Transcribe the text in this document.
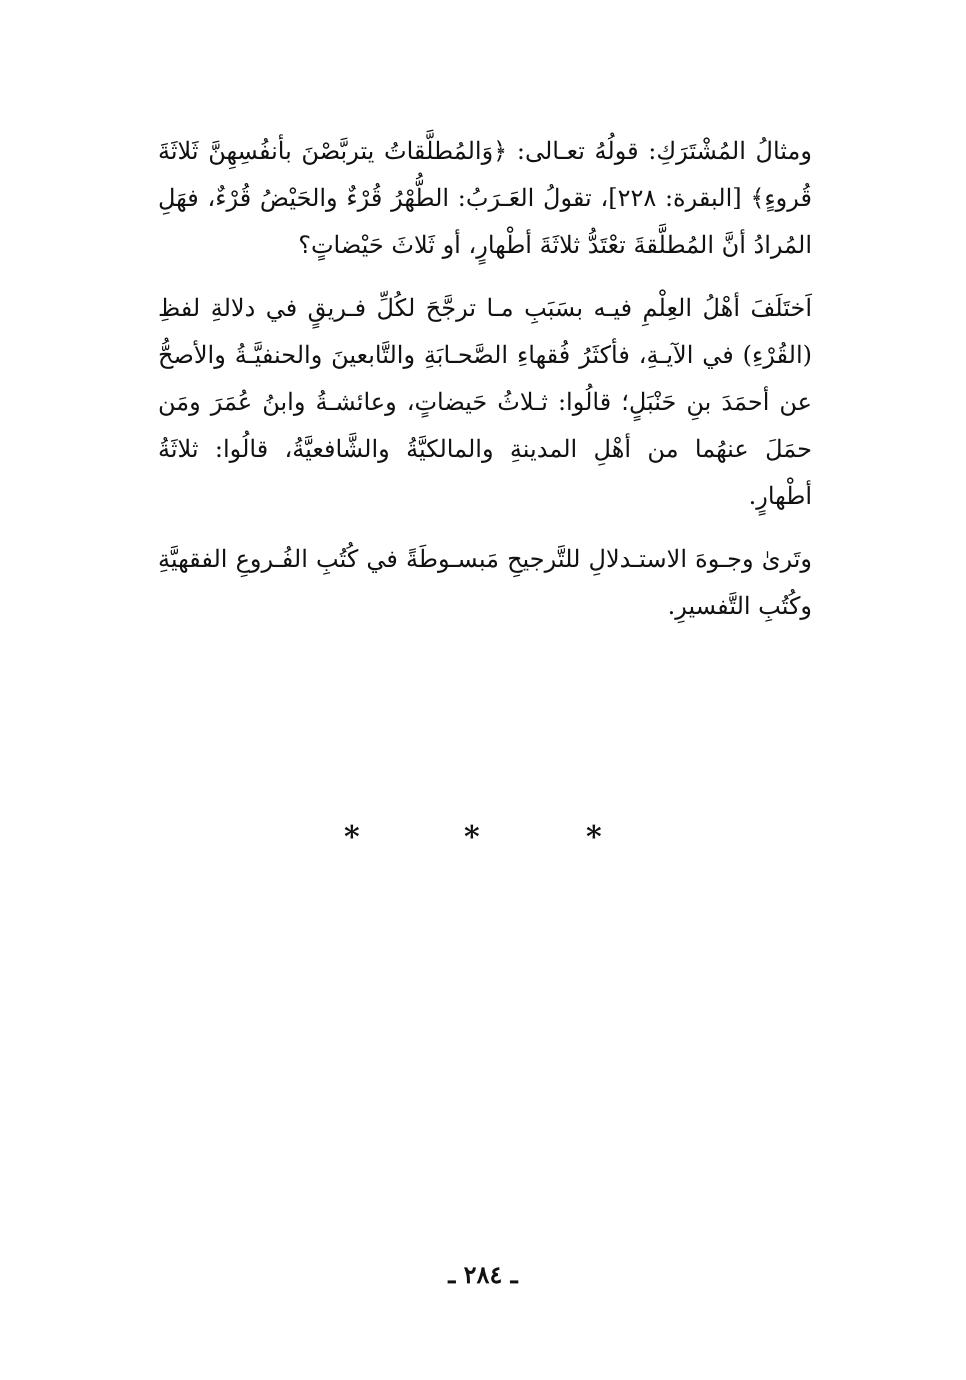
ومثالُ المُشْتَرَكِ: قولُهُ تعـالى: ﴿وَالمُطلَّقاتُ يتربَّصْنَ بأنفُسِهِنَّ ثَلاثَةَ قُروءٍ﴾ [البقرة: ٢٢٨]، تقولُ العَـرَبُ: الطُّهْرُ قُرْءٌ والحَيْضُ قُرْءٌ، فهَلِ المُرادُ أنَّ المُطلَّقةَ تعْتَدُّ ثلاثَةَ أطْهارٍ، أو ثَلاثَ حَيْضاتٍ؟

اَختَلَفَ أهْلُ العِلْمِ فيـه بسَبَبِ مـا ترجَّحَ لكُلِّ فـريقٍ في دلالةِ لفظِ (القُرْءِ) في الآيـةِ، فأكثَرُ فُقهاءِ الصَّحـابَةِ والتَّابعينَ والحنفيَّـةُ والأصحُّ عن أحمَدَ بنِ حَنْبَلٍ؛ قالُوا: ثـلاثُ حَيضاتٍ، وعائشـةُ وابنُ عُمَرَ ومَن حمَلَ عنهُما من أهْلِ المدينةِ والمالكيَّةُ والشَّافعيَّةُ، قالُوا: ثلاثَةُ أطْهارٍ.

وتَرىٰ وجـوهَ الاستـدلالِ للتَّرجيحِ مَبسـوطَةً في كُتُبِ الفُـروعِ الفقهيَّةِ وكُتُبِ التَّفسيرِ.

*	*	*
ـ ٢٨٤ ـ
